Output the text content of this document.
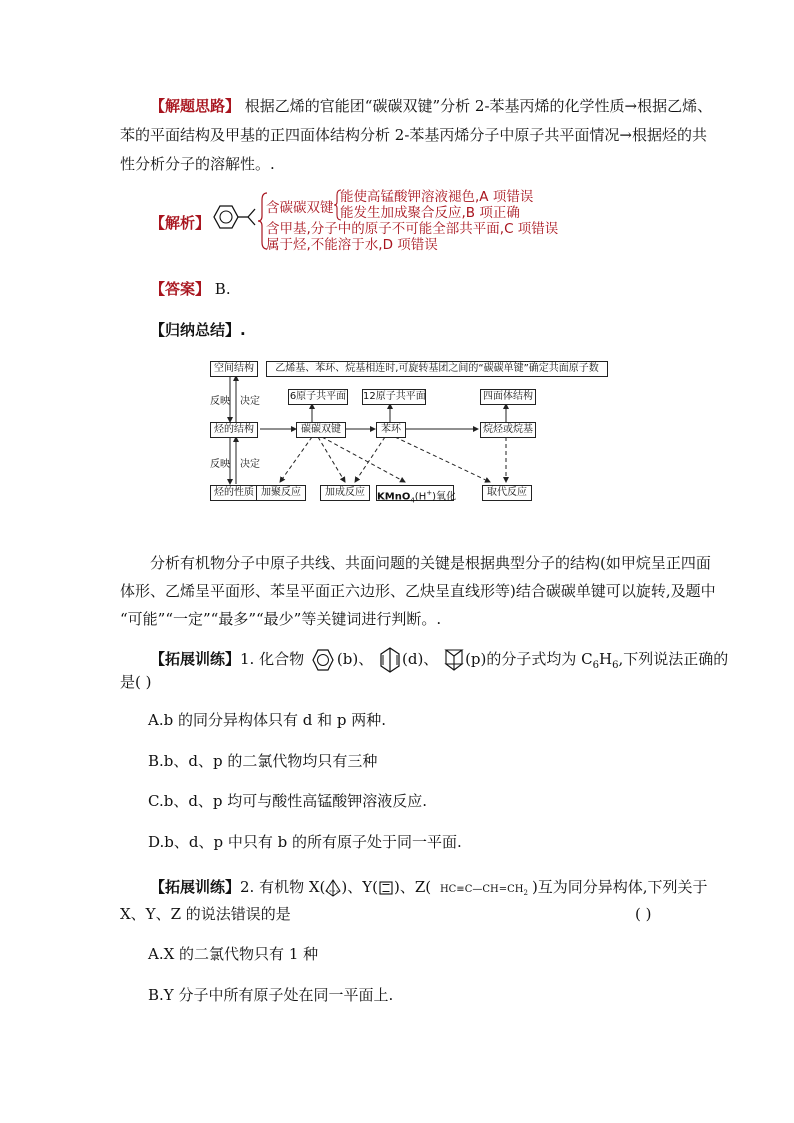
【解题思路】 根据乙烯的官能团“碳碳双键”分析 2-苯基丙烯的化学性质→根据乙烯、
苯的平面结构及甲基的正四面体结构分析 2-苯基丙烯分子中原子共平面情况→根据烃的共
性分析分子的溶解性。.
【解析】
含碳碳双键
能使高锰酸钾溶液褪色,A 项错误
能发生加成聚合反应,B 项正确
含甲基,分子中的原子不可能全部共平面,C 项错误
属于烃,不能溶于水,D 项错误
【答案】 B.
【归纳总结】.
空间结构	乙烯基、苯环、烷基相连时,可旋转基团之间的“碳碳单键”确定共面原子数
反映 决定	6原子共平面 12原子共平面	四面体结构
烃的结构	碳碳双键	苯环	烷烃或烷基
反映 决定
烃的性质 加聚反应	加成反应	KMnO$_4$(H+)氧化	取代反应
分析有机物分子中原子共线、共面问题的关键是根据典型分子的结构(如甲烷呈正四面
体形、乙烯呈平面形、苯呈平面正六边形、乙炔呈直线形等)结合碳碳单键可以旋转,及题中
“可能”“一定”“最多”“最少”等关键词进行判断。.
【拓展训练】1. 化合物 (b)、 (d)、 (p)的分子式均为 $C_6H_6$,下列说法正确的
是( )
A.b 的同分异构体只有 d 和 p 两种.
B.b、d、p 的二氯代物均只有三种
C.b、d、p 均可与酸性高锰酸钾溶液反应.
D.b、d、p 中只有 b 的所有原子处于同一平面.
【拓展训练】2. 有机物 X( )、Y( )、Z( $HC\equiv C—CH=CH_2$ )互为同分异构体,下列关于
X、Y、Z 的说法错误的是	( )
A.X 的二氯代物只有 1 种
B.Y 分子中所有原子处在同一平面上.
